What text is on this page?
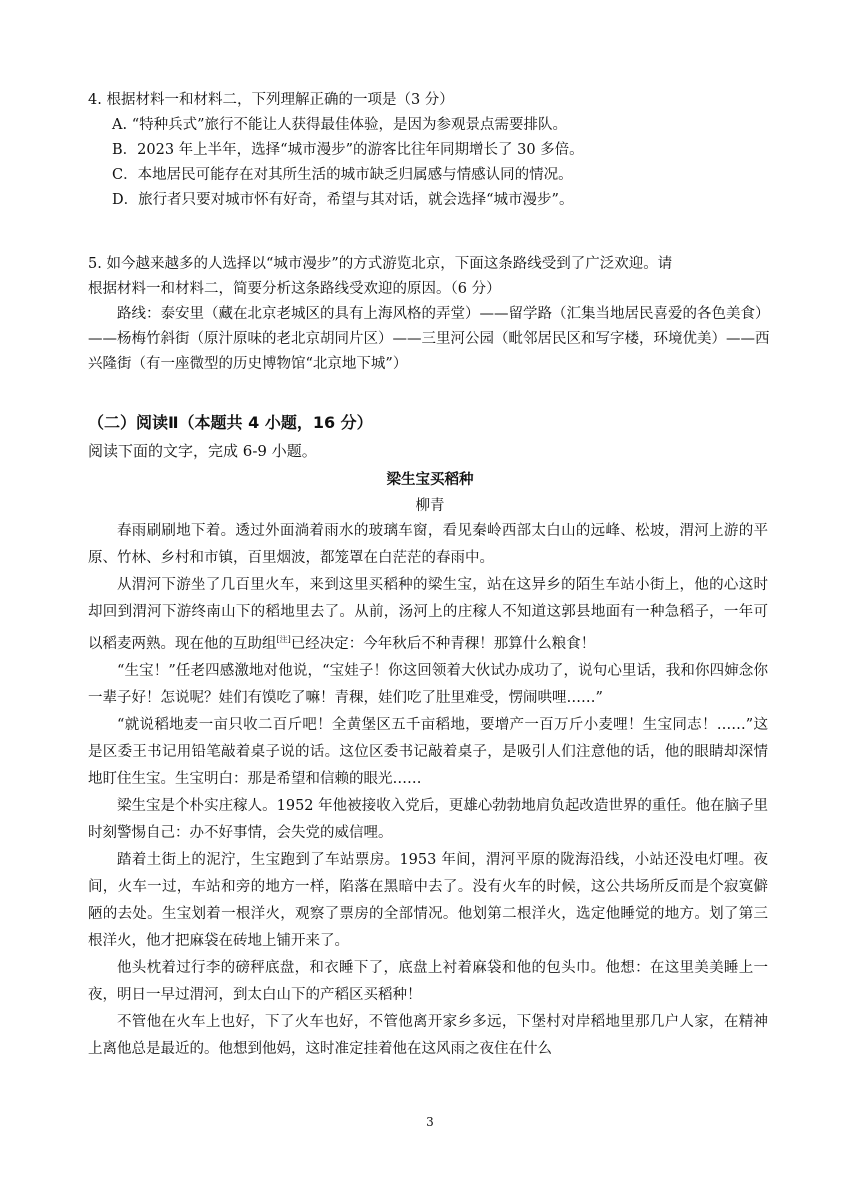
4. 根据材料一和材料二，下列理解正确的一项是（3 分）
A. “特种兵式”旅行不能让人获得最佳体验，是因为参观景点需要排队。
B．2023 年上半年，选择“城市漫步”的游客比往年同期增长了 30 多倍。
C．本地居民可能存在对其所生活的城市缺乏归属感与情感认同的情况。
D．旅行者只要对城市怀有好奇，希望与其对话，就会选择“城市漫步”。
5. 如今越来越多的人选择以“城市漫步”的方式游览北京，下面这条路线受到了广泛欢迎。请
根据材料一和材料二，简要分析这条路线受欢迎的原因。（6 分）
路线：泰安里（藏在北京老城区的具有上海风格的弄堂）——留学路（汇集当地居民喜爱的各色美食）——杨梅竹斜街（原汁原味的老北京胡同片区）——三里河公园（毗邻居民区和写字楼，环境优美）——西兴隆街（有一座微型的历史博物馆“北京地下城”）
（二）阅读Ⅱ（本题共 4 小题，16 分）
阅读下面的文字，完成 6-9 小题。
梁生宝买稻种
柳青

春雨刷刷地下着。透过外面淌着雨水的玻璃车窗，看见秦岭西部太白山的远峰、松坡，渭河上游的平原、竹林、乡村和市镇，百里烟波，都笼罩在白茫茫的春雨中。

从渭河下游坐了几百里火车，来到这里买稻种的梁生宝，站在这异乡的陌生车站小街上，他的心这时却回到渭河下游终南山下的稻地里去了。从前，汤河上的庄稼人不知道这郭县地面有一种急稻子，一年可以稻麦两熟。现在他的互助组[注]已经决定：今年秋后不种青稞！那算什么粮食！

“生宝！”任老四感激地对他说，“宝娃子！你这回领着大伙试办成功了，说句心里话，我和你四婶念你一辈子好！怎说呢？娃们有馍吃了嘛！青稞，娃们吃了肚里难受，愣闹哄哩……”

“就说稻地麦一亩只收二百斤吧！全黄堡区五千亩稻地，要增产一百万斤小麦哩！生宝同志！……”这是区委王书记用铅笔敲着桌子说的话。这位区委书记敲着桌子，是吸引人们注意他的话，他的眼睛却深情地盯住生宝。生宝明白：那是希望和信赖的眼光……

梁生宝是个朴实庄稼人。1952 年他被接收入党后，更雄心勃勃地肩负起改造世界的重任。他在脑子里时刻警惕自己：办不好事情，会失党的威信哩。

踏着土街上的泥泞，生宝跑到了车站票房。1953 年间，渭河平原的陇海沿线，小站还没电灯哩。夜间，火车一过，车站和旁的地方一样，陷落在黑暗中去了。没有火车的时候，这公共场所反而是个寂寞僻陋的去处。生宝划着一根洋火，观察了票房的全部情况。他划第二根洋火，选定他睡觉的地方。划了第三根洋火，他才把麻袋在砖地上铺开来了。

他头枕着过行李的磅秤底盘，和衣睡下了，底盘上衬着麻袋和他的包头巾。他想：在这里美美睡上一夜，明日一早过渭河，到太白山下的产稻区买稻种！

不管他在火车上也好，下了火车也好，不管他离开家乡多远，下堡村对岸稻地里那几户人家，在精神上离他总是最近的。他想到他妈，这时准定挂着他在这风雨之夜住在什么

3
